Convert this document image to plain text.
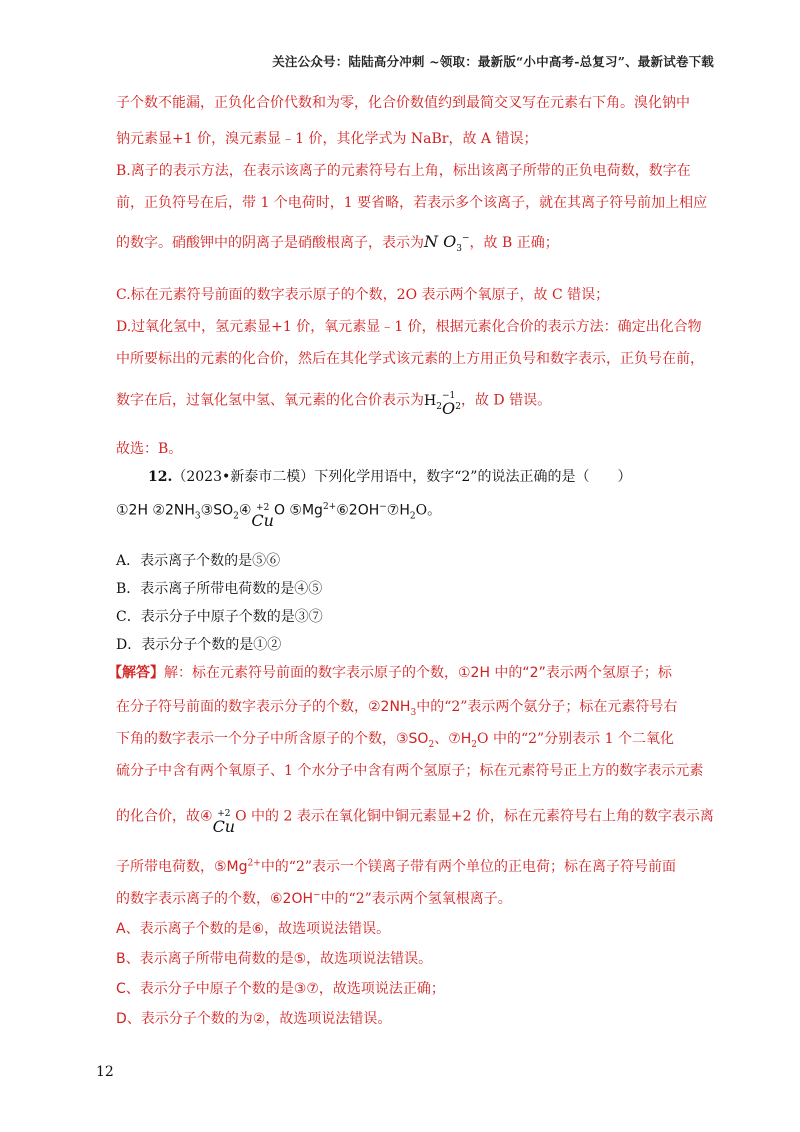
关注公众号：陆陆高分冲刺 ~领取：最新版“小中高考-总复习”、最新试卷下载
子个数不能漏，正负化合价代数和为零，化合价数值约到最简交叉写在元素右下角。溴化钠中
钠元素显+1 价，溴元素显﹣1 价，其化学式为 NaBr，故 A 错误；
B.离子的表示方法，在表示该离子的元素符号右上角，标出该离子所带的正负电荷数，数字在
前，正负符号在后，带 1 个电荷时，1 要省略，若表示多个该离子，就在其离子符号前加上相应
的数字。硝酸钾中的阴离子是硝酸根离子，表示为N $O_3^-$，故 B 正确；
C.标在元素符号前面的数字表示原子的个数，2O 表示两个氧原子，故 C 错误；
D.过氧化氢中，氢元素显+1 价，氧元素显﹣1 价，根据元素化合价的表示方法：确定出化合物
中所要标出的元素的化合价，然后在其化学式该元素的上方用正负号和数字表示，正负号在前，
数字在后，过氧化氢中氢、氧元素的化合价表示为$H_2$
−1
O $_2$，故 D 错误。
故选：B。
12.（2023•新泰市二模）下列化学用语中，数字“2”的说法正确的是（　　）
①2H $②2NH_3③SO_2④ +2$
Cu
O $⑤Mg^{2+}⑥2OH^-⑦H_2O$。
A．表示离子个数的是⑤⑥
B．表示离子所带电荷数的是④⑤
C．表示分子中原子个数的是③⑦
D．表示分子个数的是①②
【解答】解：标在元素符号前面的数字表示原子的个数，①2H 中的“2”表示两个氢原子；标
在分子符号前面的数字表示分子的个数，$②2NH_3$中的“2”表示两个氨分子；标在元素符号右
下角的数字表示一个分子中所含原子的个数，$③SO_2$、$⑦H_2O$ 中的“2”分别表示 1 个二氧化
硫分子中含有两个氧原子、1 个水分子中含有两个氢原子；标在元素符号正上方的数字表示元素
的化合价，故④ +2
Cu
O 中的 2 表示在氧化铜中铜元素显+2 价，标在元素符号右上角的数字表示离
子所带电荷数，$⑤Mg^{2+}$中的“2”表示一个镁离子带有两个单位的正电荷；标在离子符号前面
的数字表示离子的个数，⑥2OH−中的“2”表示两个氢氧根离子。
A、表示离子个数的是⑥，故选项说法错误。
B、表示离子所带电荷数的是⑤，故选项说法错误。
C、表示分子中原子个数的是③⑦，故选项说法正确；
D、表示分子个数的为②，故选项说法错误。
12
